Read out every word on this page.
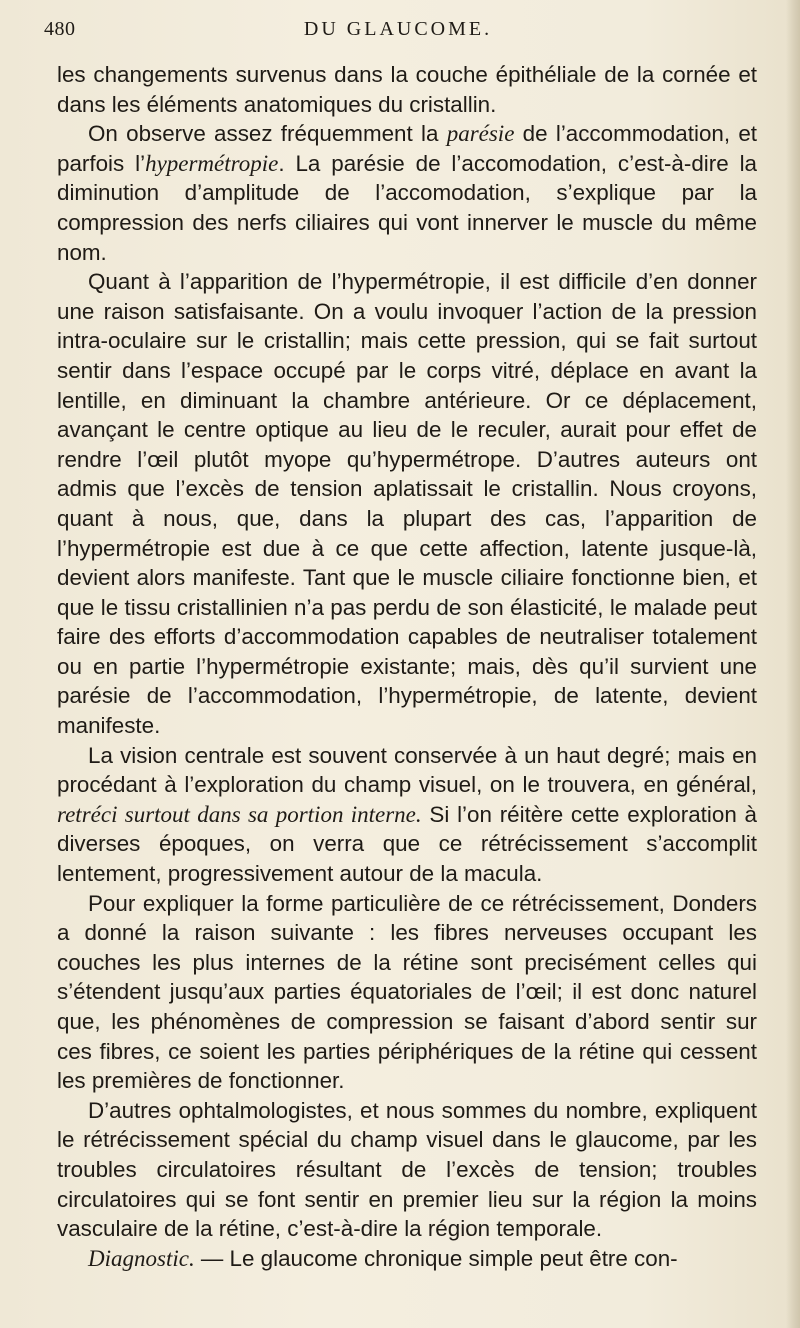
480	DU GLAUCOME.

les changements survenus dans la couche épithéliale de la cornée et dans les éléments anatomiques du cristallin.

On observe assez fréquemment la parésie de l’accommodation, et parfois l’hypermétropie. La parésie de l’accomodation, c’est-à-dire la diminution d’amplitude de l’accomodation, s’explique par la compression des nerfs ciliaires qui vont innerver le muscle du même nom.

Quant à l’apparition de l’hypermétropie, il est difficile d’en donner une raison satisfaisante. On a voulu invoquer l’action de la pression intra-oculaire sur le cristallin; mais cette pression, qui se fait surtout sentir dans l’espace occupé par le corps vitré, déplace en avant la lentille, en diminuant la chambre antérieure. Or ce déplacement, avançant le centre optique au lieu de le reculer, aurait pour effet de rendre l’œil plutôt myope qu’hypermétrope. D’autres auteurs ont admis que l’excès de tension aplatissait le cristallin. Nous croyons, quant à nous, que, dans la plupart des cas, l’apparition de l’hypermétropie est due à ce que cette affection, latente jusque-là, devient alors manifeste. Tant que le muscle ciliaire fonctionne bien, et que le tissu cristallinien n’a pas perdu de son élasticité, le malade peut faire des efforts d’accommodation capables de neutraliser totalement ou en partie l’hypermétropie existante; mais, dès qu’il survient une parésie de l’accommodation, l’hypermétropie, de latente, devient manifeste.

La vision centrale est souvent conservée à un haut degré; mais en procédant à l’exploration du champ visuel, on le trouvera, en général, retréci surtout dans sa portion interne. Si l’on réitère cette exploration à diverses époques, on verra que ce rétrécissement s’accomplit lentement, progressivement autour de la macula.

Pour expliquer la forme particulière de ce rétrécissement, Donders a donné la raison suivante : les fibres nerveuses occupant les couches les plus internes de la rétine sont precisément celles qui s’étendent jusqu’aux parties équatoriales de l’œil; il est donc naturel que, les phénomènes de compression se faisant d’abord sentir sur ces fibres, ce soient les parties périphériques de la rétine qui cessent les premières de fonctionner.

D’autres ophtalmologistes, et nous sommes du nombre, expliquent le rétrécissement spécial du champ visuel dans le glaucome, par les troubles circulatoires résultant de l’excès de tension; troubles circulatoires qui se font sentir en premier lieu sur la région la moins vasculaire de la rétine, c’est-à-dire la région temporale.

Diagnostic. — Le glaucome chronique simple peut être con-
